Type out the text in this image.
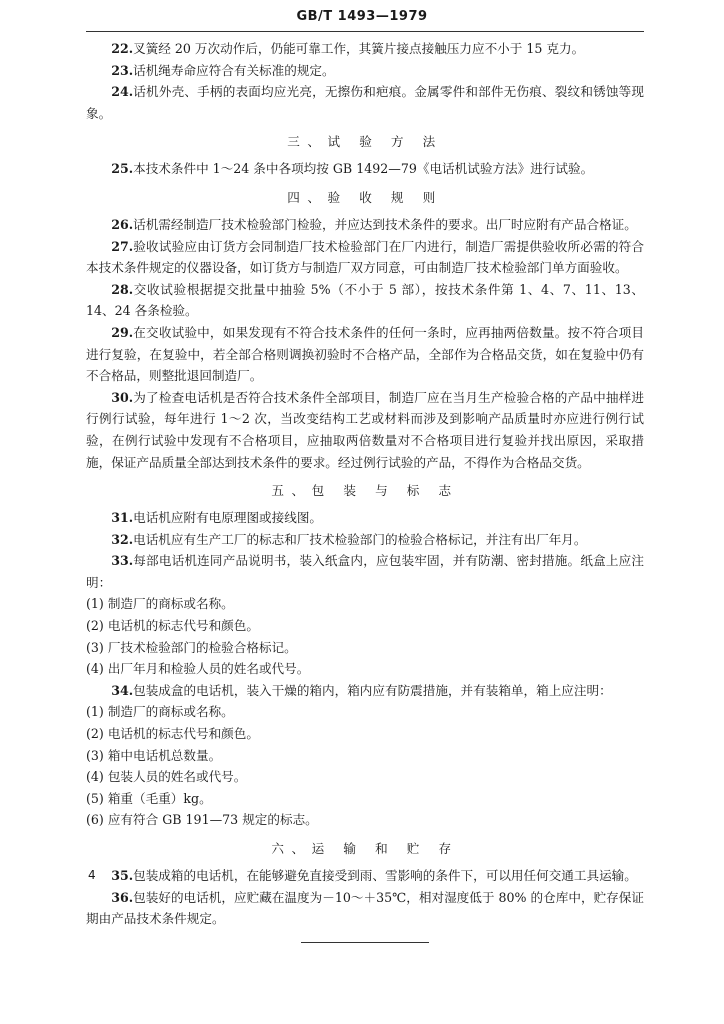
GB/T 1493—1979

22.叉簧经 20 万次动作后，仍能可靠工作，其簧片接点接触压力应不小于 15 克力。

23.话机绳寿命应符合有关标准的规定。

24.话机外壳、手柄的表面均应光亮，无擦伤和疤痕。金属零件和部件无伤痕、裂纹和锈蚀等现象。

三、试 验 方 法

25.本技术条件中 1～24 条中各项均按 GB 1492—79《电话机试验方法》进行试验。

四、验 收 规 则

26.话机需经制造厂技术检验部门检验，并应达到技术条件的要求。出厂时应附有产品合格证。

27.验收试验应由订货方会同制造厂技术检验部门在厂内进行，制造厂需提供验收所必需的符合本技术条件规定的仪器设备，如订货方与制造厂双方同意，可由制造厂技术检验部门单方面验收。

28.交收试验根据提交批量中抽验 5%（不小于 5 部），按技术条件第 1、4、7、11、13、14、24 各条检验。

29.在交收试验中，如果发现有不符合技术条件的任何一条时，应再抽两倍数量。按不符合项目进行复验，在复验中，若全部合格则调换初验时不合格产品，全部作为合格品交货，如在复验中仍有不合格品，则整批退回制造厂。

30.为了检查电话机是否符合技术条件全部项目，制造厂应在当月生产检验合格的产品中抽样进行例行试验，每年进行 1～2 次，当改变结构工艺或材料而涉及到影响产品质量时亦应进行例行试验，在例行试验中发现有不合格项目，应抽取两倍数量对不合格项目进行复验并找出原因，采取措施，保证产品质量全部达到技术条件的要求。经过例行试验的产品，不得作为合格品交货。

五、包 装 与 标 志

31.电话机应附有电原理图或接线图。

32.电话机应有生产工厂的标志和厂技术检验部门的检验合格标记，并注有出厂年月。

33.每部电话机连同产品说明书，装入纸盒内，应包装牢固，并有防潮、密封措施。纸盒上应注明：

(1) 制造厂的商标或名称。

(2) 电话机的标志代号和颜色。

(3) 厂技术检验部门的检验合格标记。

(4) 出厂年月和检验人员的姓名或代号。

34.包装成盒的电话机，装入干燥的箱内，箱内应有防震措施，并有装箱单，箱上应注明：

(1) 制造厂的商标或名称。

(2) 电话机的标志代号和颜色。

(3) 箱中电话机总数量。

(4) 包装人员的姓名或代号。

(5) 箱重（毛重）kg。

(6) 应有符合 GB 191—73 规定的标志。

六、运 输 和 贮 存

35.包装成箱的电话机，在能够避免直接受到雨、雪影响的条件下，可以用任何交通工具运输。

36.包装好的电话机，应贮藏在温度为－10～＋35℃，相对湿度低于 80% 的仓库中，贮存保证期由产品技术条件规定。

4
